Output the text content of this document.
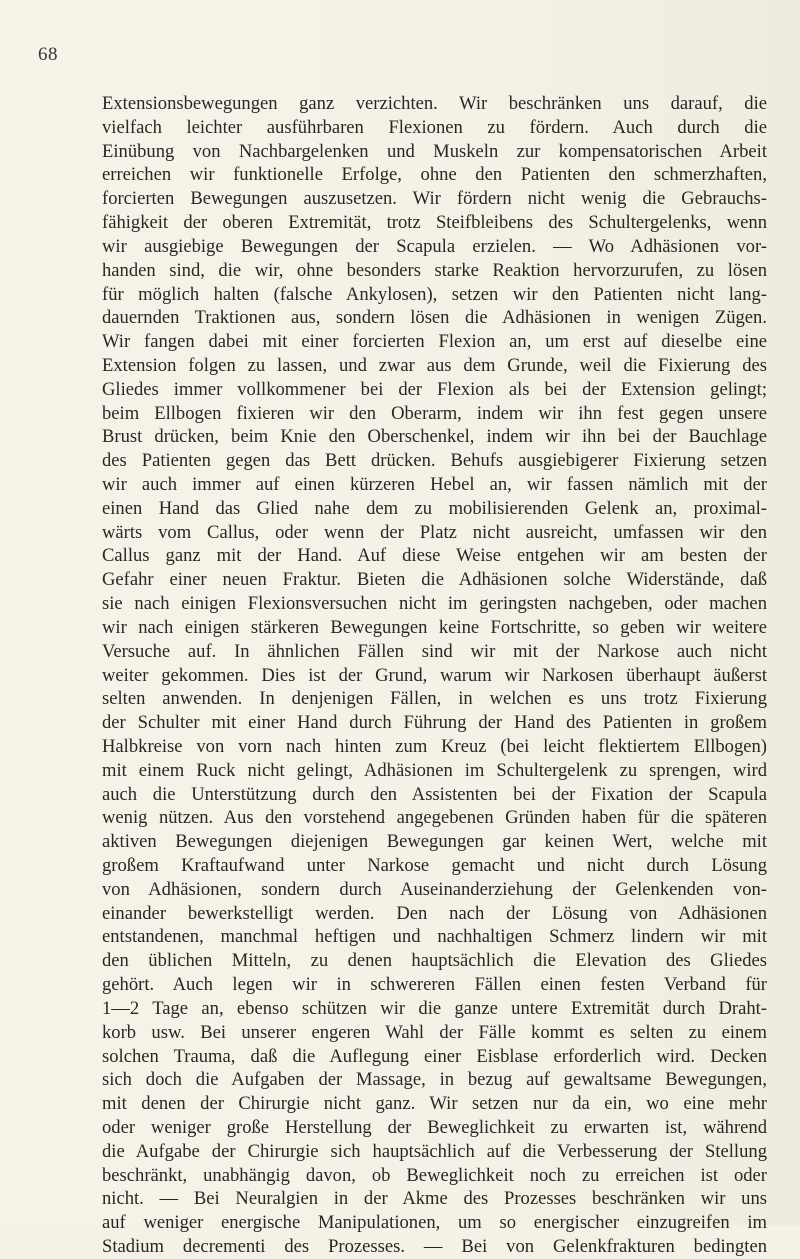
68
Extensionsbewegungen ganz verzichten. Wir beschränken uns darauf, die
vielfach leichter ausführbaren Flexionen zu fördern. Auch durch die
Einübung von Nachbargelenken und Muskeln zur kompensatorischen Arbeit
erreichen wir funktionelle Erfolge, ohne den Patienten den schmerzhaften,
forcierten Bewegungen auszusetzen. Wir fördern nicht wenig die Gebrauchs-
fähigkeit der oberen Extremität, trotz Steifbleibens des Schultergelenks, wenn
wir ausgiebige Bewegungen der Scapula erzielen. — Wo Adhäsionen vor-
handen sind, die wir, ohne besonders starke Reaktion hervorzurufen, zu lösen
für möglich halten (falsche Ankylosen), setzen wir den Patienten nicht lang-
dauernden Traktionen aus, sondern lösen die Adhäsionen in wenigen Zügen.
Wir fangen dabei mit einer forcierten Flexion an, um erst auf dieselbe eine
Extension folgen zu lassen, und zwar aus dem Grunde, weil die Fixierung des
Gliedes immer vollkommener bei der Flexion als bei der Extension gelingt;
beim Ellbogen fixieren wir den Oberarm, indem wir ihn fest gegen unsere
Brust drücken, beim Knie den Oberschenkel, indem wir ihn bei der Bauchlage
des Patienten gegen das Bett drücken. Behufs ausgiebigerer Fixierung setzen
wir auch immer auf einen kürzeren Hebel an, wir fassen nämlich mit der
einen Hand das Glied nahe dem zu mobilisierenden Gelenk an, proximal-
wärts vom Callus, oder wenn der Platz nicht ausreicht, umfassen wir den
Callus ganz mit der Hand. Auf diese Weise entgehen wir am besten der
Gefahr einer neuen Fraktur. Bieten die Adhäsionen solche Widerstände, daß
sie nach einigen Flexionsversuchen nicht im geringsten nachgeben, oder machen
wir nach einigen stärkeren Bewegungen keine Fortschritte, so geben wir weitere
Versuche auf. In ähnlichen Fällen sind wir mit der Narkose auch nicht
weiter gekommen. Dies ist der Grund, warum wir Narkosen überhaupt äußerst
selten anwenden. In denjenigen Fällen, in welchen es uns trotz Fixierung
der Schulter mit einer Hand durch Führung der Hand des Patienten in großem
Halbkreise von vorn nach hinten zum Kreuz (bei leicht flektiertem Ellbogen)
mit einem Ruck nicht gelingt, Adhäsionen im Schultergelenk zu sprengen, wird
auch die Unterstützung durch den Assistenten bei der Fixation der Scapula
wenig nützen. Aus den vorstehend angegebenen Gründen haben für die späteren
aktiven Bewegungen diejenigen Bewegungen gar keinen Wert, welche mit
großem Kraftaufwand unter Narkose gemacht und nicht durch Lösung
von Adhäsionen, sondern durch Auseinanderziehung der Gelenkenden von-
einander bewerkstelligt werden. Den nach der Lösung von Adhäsionen
entstandenen, manchmal heftigen und nachhaltigen Schmerz lindern wir mit
den üblichen Mitteln, zu denen hauptsächlich die Elevation des Gliedes
gehört. Auch legen wir in schwereren Fällen einen festen Verband für
1—2 Tage an, ebenso schützen wir die ganze untere Extremität durch Draht-
korb usw. Bei unserer engeren Wahl der Fälle kommt es selten zu einem
solchen Trauma, daß die Auflegung einer Eisblase erforderlich wird. Decken
sich doch die Aufgaben der Massage, in bezug auf gewaltsame Bewegungen,
mit denen der Chirurgie nicht ganz. Wir setzen nur da ein, wo eine mehr
oder weniger große Herstellung der Beweglichkeit zu erwarten ist, während
die Aufgabe der Chirurgie sich hauptsächlich auf die Verbesserung der Stellung
beschränkt, unabhängig davon, ob Beweglichkeit noch zu erreichen ist oder
nicht. — Bei Neuralgien in der Akme des Prozesses beschränken wir uns
auf weniger energische Manipulationen, um so energischer einzugreifen im
Stadium decrementi des Prozesses. — Bei von Gelenkfrakturen bedingten
